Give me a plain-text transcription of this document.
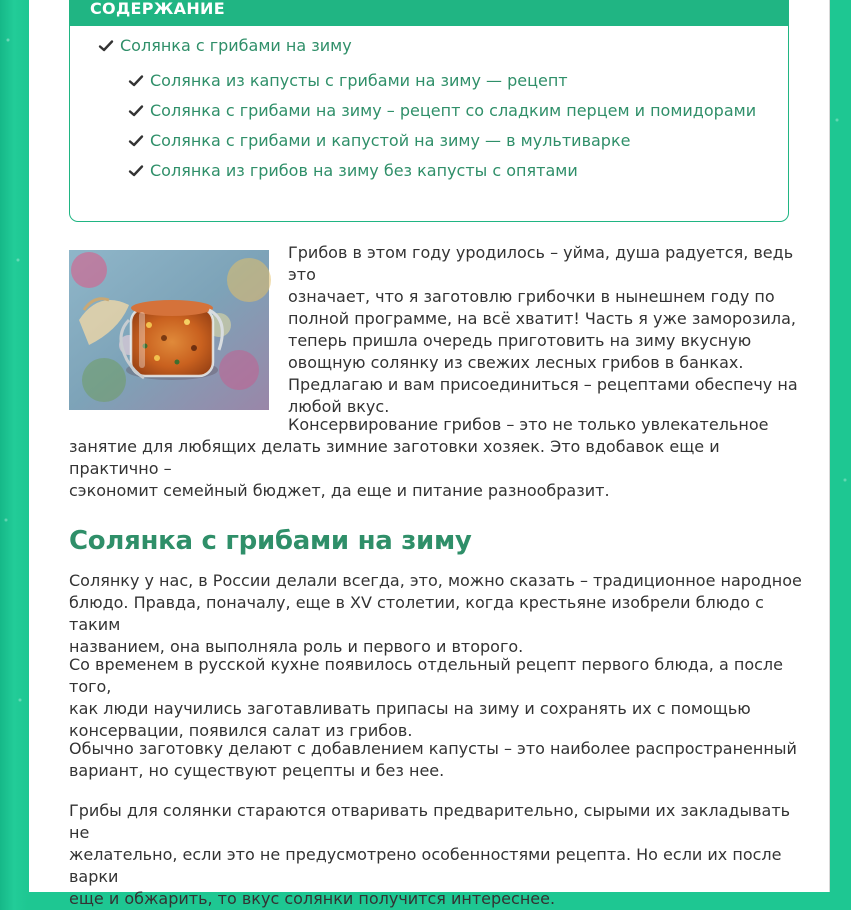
СОДЕРЖАНИЕ
Солянка с грибами на зиму
Солянка из капусты с грибами на зиму — рецепт
Солянка с грибами на зиму – рецепт со сладким перцем и помидорами
Солянка с грибами и капустой на зиму — в мультиварке
Солянка из грибов на зиму без капусты с опятами

Грибов в этом году уродилось – уйма, душа радуется, ведь это
означает, что я заготовлю грибочки в нынешнем году по
полной программе, на всё хватит! Часть я уже заморозила,
теперь пришла очередь приготовить на зиму вкусную
овощную солянку из свежих лесных грибов в банках.
Предлагаю и вам присоединиться – рецептами обеспечу на
любой вкус.

Консервирование грибов – это не только увлекательное
занятие для любящих делать зимние заготовки хозяек. Это вдобавок еще и практично –
сэкономит семейный бюджет, да еще и питание разнообразит.

Солянка с грибами на зиму

Солянку у нас, в России делали всегда, это, можно сказать – традиционное народное
блюдо. Правда, поначалу, еще в XV столетии, когда крестьяне изобрели блюдо с таким
названием, она выполняла роль и первого и второго.

Со временем в русской кухне появилось отдельный рецепт первого блюда, а после того,
как люди научились заготавливать припасы на зиму и сохранять их с помощью
консервации, появился салат из грибов.

Обычно заготовку делают с добавлением капусты – это наиболее распространенный
вариант, но существуют рецепты и без нее.

Грибы для солянки стараются отваривать предварительно, сырыми их закладывать не
желательно, если это не предусмотрено особенностями рецепта. Но если их после варки
еще и обжарить, то вкус солянки получится интереснее.
